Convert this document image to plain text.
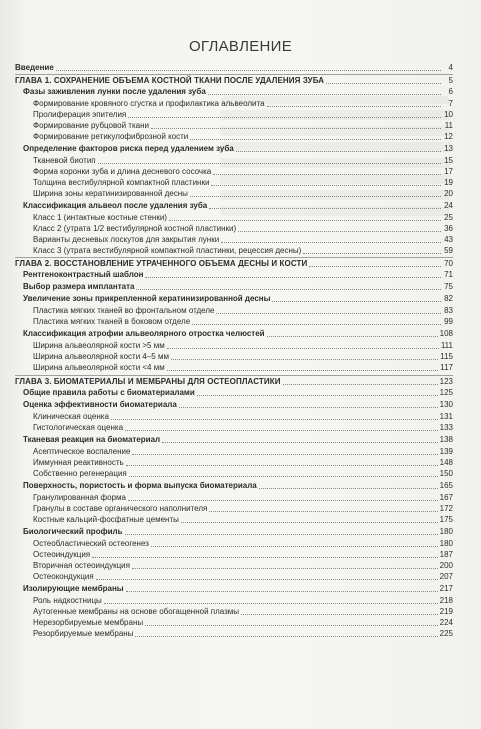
ОГЛАВЛЕНИЕ
Введение	4
ГЛАВА 1. СОХРАНЕНИЕ ОБЪЕМА КОСТНОЙ ТКАНИ ПОСЛЕ УДАЛЕНИЯ ЗУБА	5
Фазы заживления лунки после удаления зуба	6
Формирование кровяного сгустка и профилактика альвеолита	7
Пролиферация эпителия	10
Формирование рубцовой ткани	11
Формирование ретикулофиброзной кости	12
Определение факторов риска перед удалением зуба	13
Тканевой биотип	15
Форма коронки зуба и длина десневого сосочка	17
Толщина вестибулярной компактной пластинки	19
Ширина зоны кератинизированной десны	20
Классификация альвеол после удаления зуба	24
Класс 1 (интактные костные стенки)	25
Класс 2 (утрата 1/2 вестибулярной костной пластинки)	36
Варианты десневых лоскутов для закрытия лунки	43
Класс 3 (утрата вестибулярной компактной пластинки, рецессия десны)	59
ГЛАВА 2. ВОССТАНОВЛЕНИЕ УТРАЧЕННОГО ОБЪЕМА ДЕСНЫ И КОСТИ	70
Рентгеноконтрастный шаблон	71
Выбор размера имплантата	75
Увеличение зоны прикрепленной кератинизированной десны	82
Пластика мягких тканей во фронтальном отделе	83
Пластика мягких тканей в боковом отделе	99
Классификация атрофии альвеолярного отростка челюстей	108
Ширина альвеолярной кости >5 мм	111
Ширина альвеолярной кости 4–5 мм	115
Ширина альвеолярной кости <4 мм	117
ГЛАВА 3. БИОМАТЕРИАЛЫ И МЕМБРАНЫ ДЛЯ ОСТЕОПЛАСТИКИ	123
Общие правила работы с биоматериалами	125
Оценка эффективности биоматериала	130
Клиническая оценка	131
Гистологическая оценка	133
Тканевая реакция на биоматериал	138
Асептическое воспаление	139
Иммунная реактивность	148
Собственно регенерация	150
Поверхность, пористость и форма выпуска биоматериала	165
Гранулированная форма	167
Гранулы в составе органического наполнителя	172
Костные кальций-фосфатные цементы	175
Биологический профиль	180
Остеобластический остеогенез	180
Остеоиндукция	187
Вторичная остеоиндукция	200
Остеокондукция	207
Изолирующие мембраны	217
Роль надкостницы	218
Аутогенные мембраны на основе обогащенной плазмы	219
Нерезорбируемые мембраны	224
Резорбируемые мембраны	225
